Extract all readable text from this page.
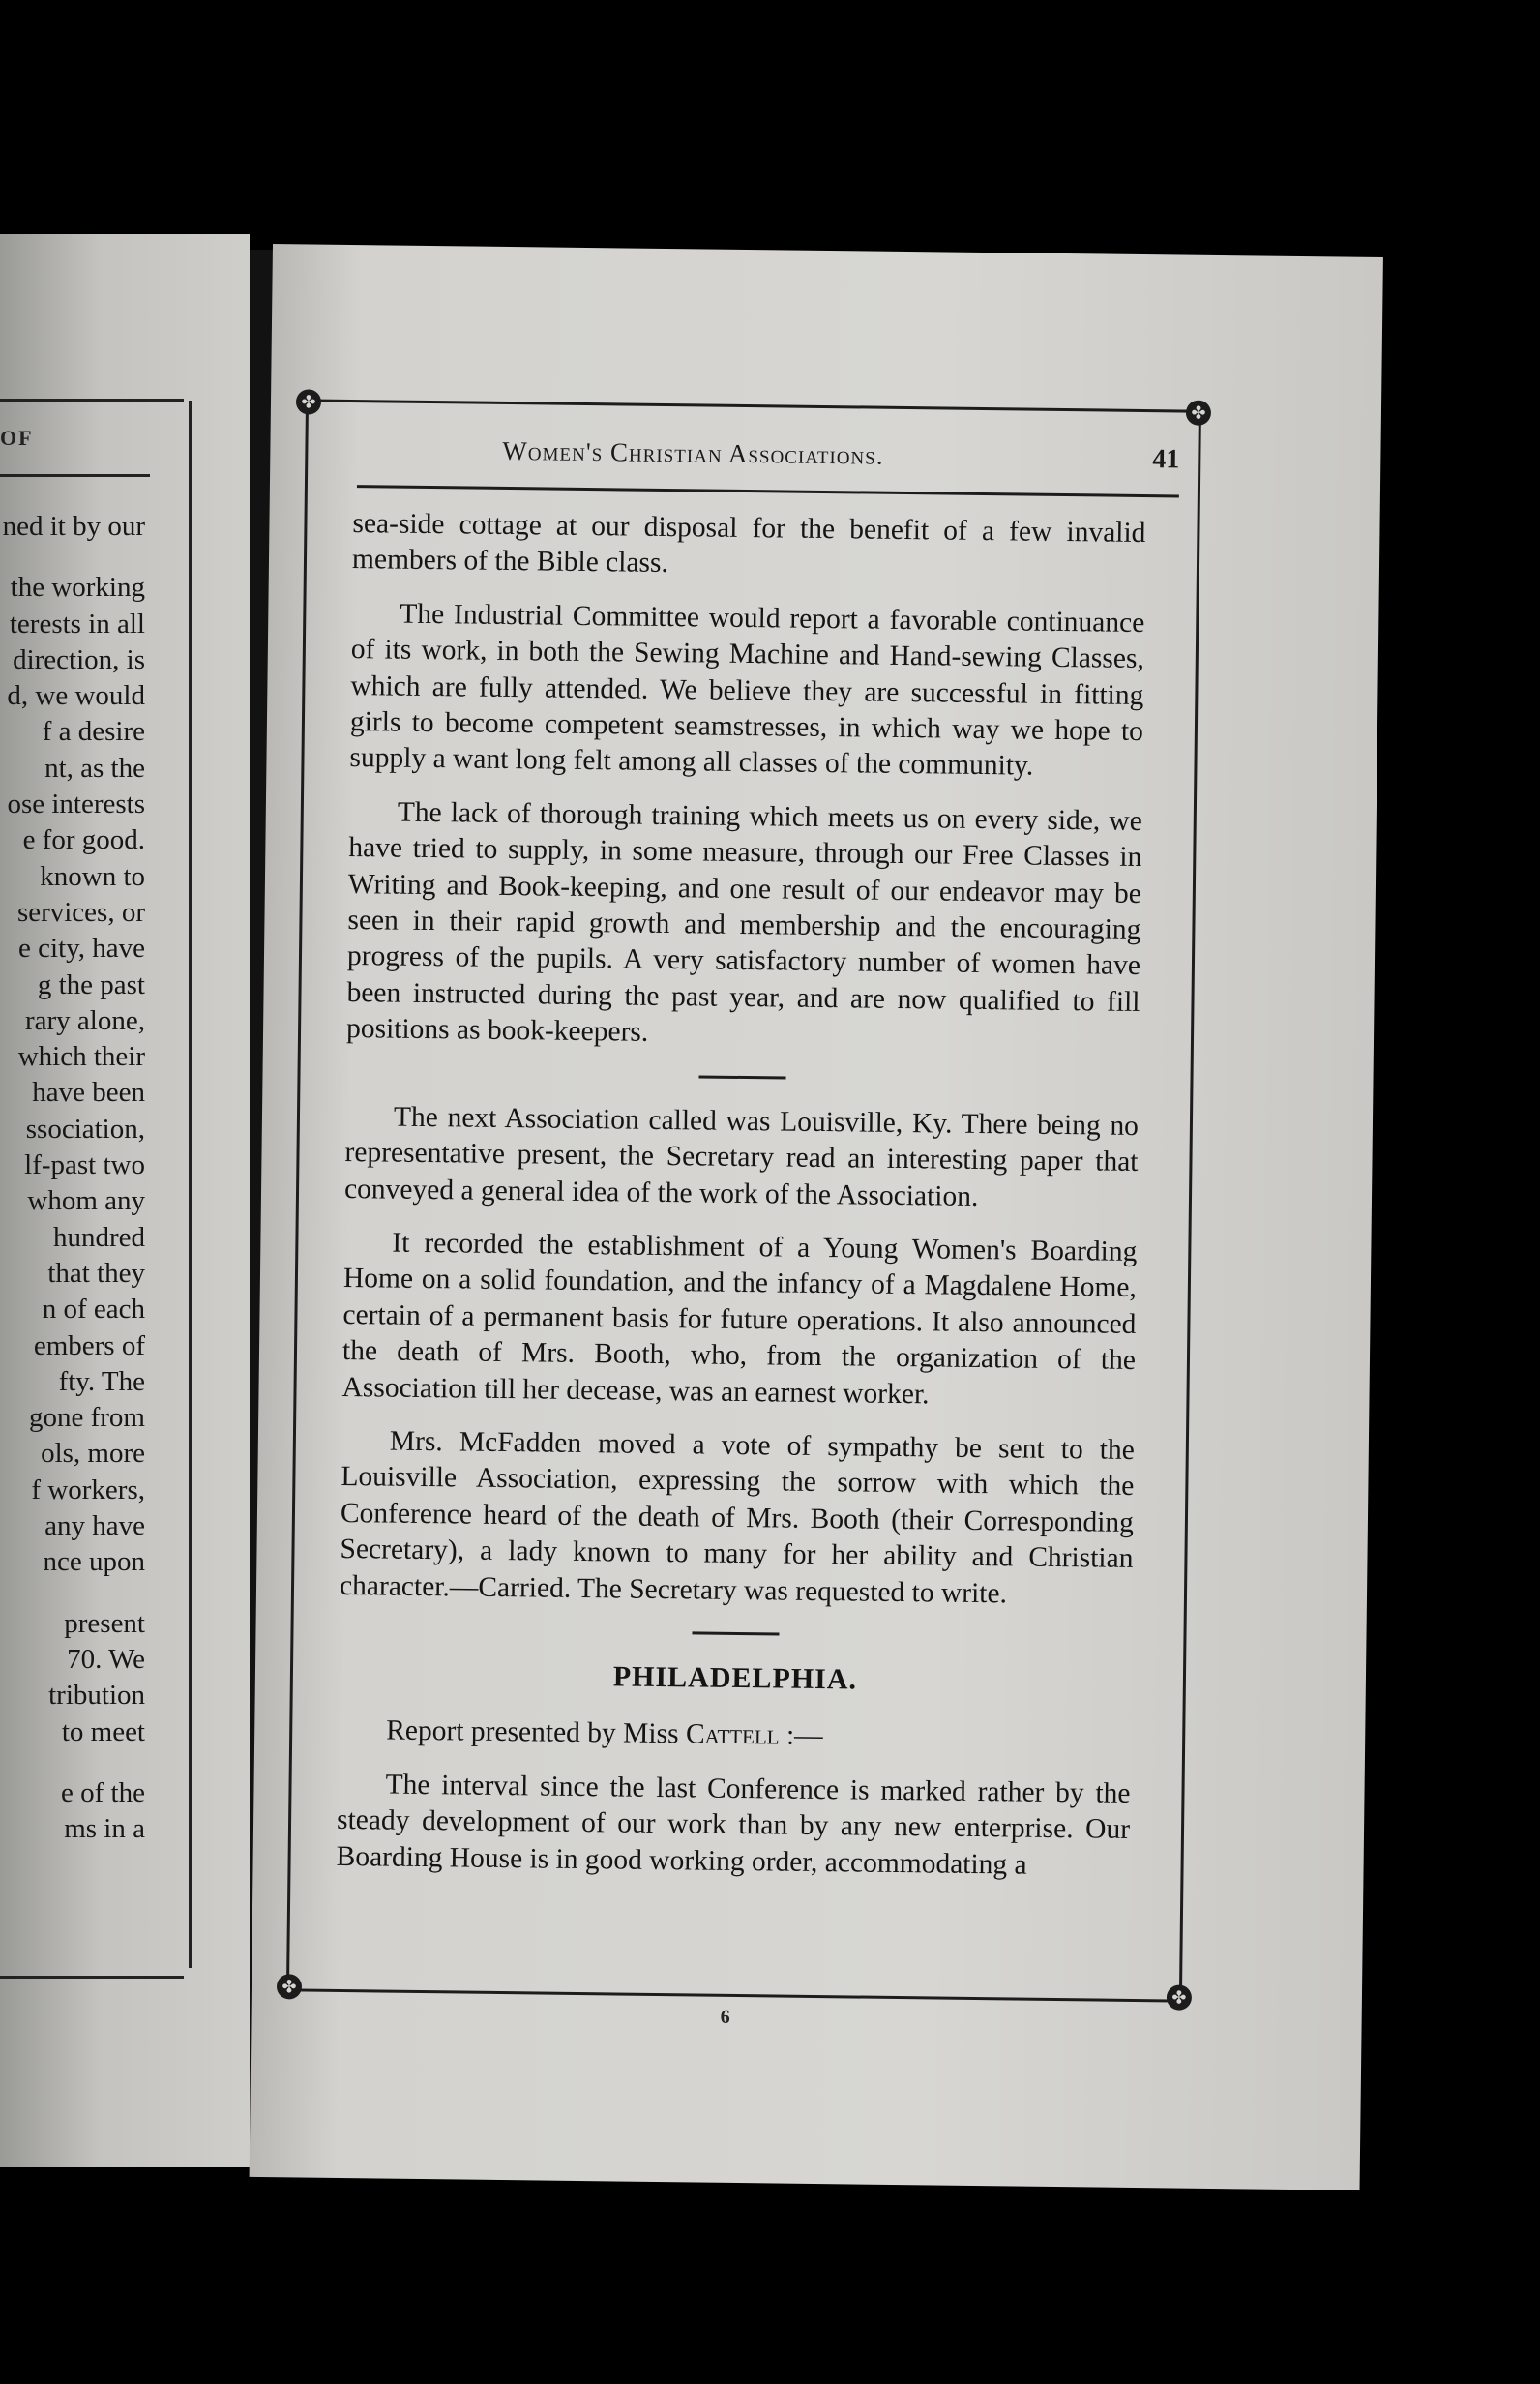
OF
ned it by our
the working
terests in all
direction, is
d, we would
f a desire
nt, as the
ose interests
e for good.
known to
services, or
e city, have
g the past
rary alone,
which their
have been
ssociation,
lf-past two
whom any
hundred
that they
n of each
embers of
fty. The
gone from
ols, more
f workers,
any have
nce upon
present
70. We
tribution
to meet
e of the
ms in a
✤
✤
✤
✤
Women's Christian Associations.	41

sea-side cottage at our disposal for the benefit of a few invalid members of the Bible class.

The Industrial Committee would report a favorable continuance of its work, in both the Sewing Machine and Hand-sewing Classes, which are fully attended. We believe they are successful in fitting girls to become competent seamstresses, in which way we hope to supply a want long felt among all classes of the community.

The lack of thorough training which meets us on every side, we have tried to supply, in some measure, through our Free Classes in Writing and Book-keeping, and one result of our endeavor may be seen in their rapid growth and membership and the encouraging progress of the pupils. A very satisfactory number of women have been instructed during the past year, and are now qualified to fill positions as book-keepers.

The next Association called was Louisville, Ky. There being no representative present, the Secretary read an interesting paper that conveyed a general idea of the work of the Association.

It recorded the establishment of a Young Women's Boarding Home on a solid foundation, and the infancy of a Magdalene Home, certain of a permanent basis for future operations. It also announced the death of Mrs. Booth, who, from the organization of the Association till her decease, was an earnest worker.

Mrs. McFadden moved a vote of sympathy be sent to the Louisville Association, expressing the sorrow with which the Conference heard of the death of Mrs. Booth (their Corresponding Secretary), a lady known to many for her ability and Christian character.—Carried. The Secretary was requested to write.

PHILADELPHIA.

Report presented by Miss Cattell :—

The interval since the last Conference is marked rather by the steady development of our work than by any new enterprise. Our Boarding House is in good working order, accommodating a

6
